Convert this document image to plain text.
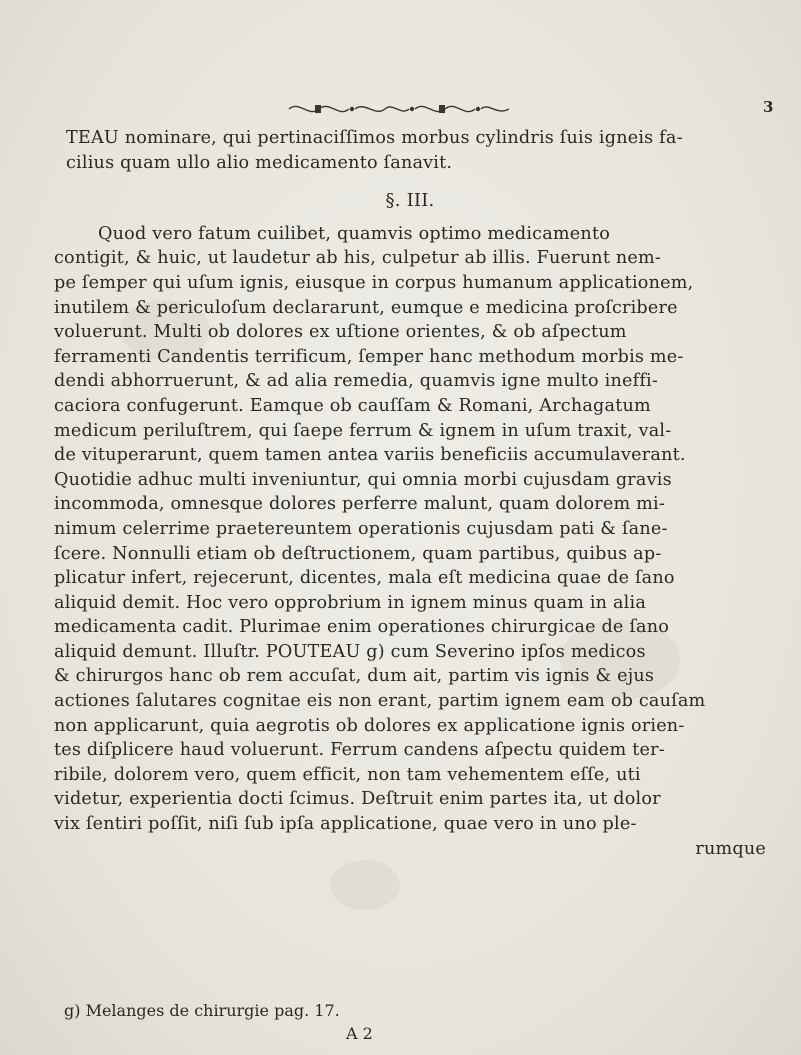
3
TEAU nominare, qui pertinaciſſimos morbus cylindris ſuis igneis fa-
cilius quam ullo alio medicamento ſanavit.
§. III.
Quod vero fatum cuilibet, quamvis optimo medicamento
contigit, & huic, ut laudetur ab his, culpetur ab illis. Fuerunt nem-
pe ſemper qui uſum ignis, eiusque in corpus humanum applicationem,
inutilem & periculoſum declararunt, eumque e medicina proſcribere
voluerunt. Multi ob dolores ex uſtione orientes, & ob aſpectum
ferramenti Candentis terrificum, ſemper hanc methodum morbis me-
dendi abhorruerunt, & ad alia remedia, quamvis igne multo ineffi-
caciora confugerunt. Eamque ob cauſſam & Romani, Archagatum
medicum periluſtrem, qui ſaepe ferrum & ignem in uſum traxit, val-
de vituperarunt, quem tamen antea variis beneficiis accumulaverant.
Quotidie adhuc multi inveniuntur, qui omnia morbi cujusdam gravis
incommoda, omnesque dolores perferre malunt, quam dolorem mi-
nimum celerrime praetereuntem operationis cujusdam pati & ſane-
ſcere. Nonnulli etiam ob deſtructionem, quam partibus, quibus ap-
plicatur infert, rejecerunt, dicentes, mala eſt medicina quae de ſano
aliquid demit. Hoc vero opprobrium in ignem minus quam in alia
medicamenta cadit. Plurimae enim operationes chirurgicae de ſano
aliquid demunt. Illuſtr. POUTEAU g) cum Severino ipſos medicos
& chirurgos hanc ob rem accuſat, dum ait, partim vis ignis & ejus
actiones ſalutares cognitae eis non erant, partim ignem eam ob cauſam
non applicarunt, quia aegrotis ob dolores ex applicatione ignis orien-
tes diſplicere haud voluerunt. Ferrum candens aſpectu quidem ter-
ribile, dolorem vero, quem efficit, non tam vehementem eſſe, uti
videtur, experientia docti ſcimus. Deſtruit enim partes ita, ut dolor
vix ſentiri poſſit, niſi ſub ipſa applicatione, quae vero in uno ple-
rumque
g) Melanges de chirurgie pag. 17.
A 2
